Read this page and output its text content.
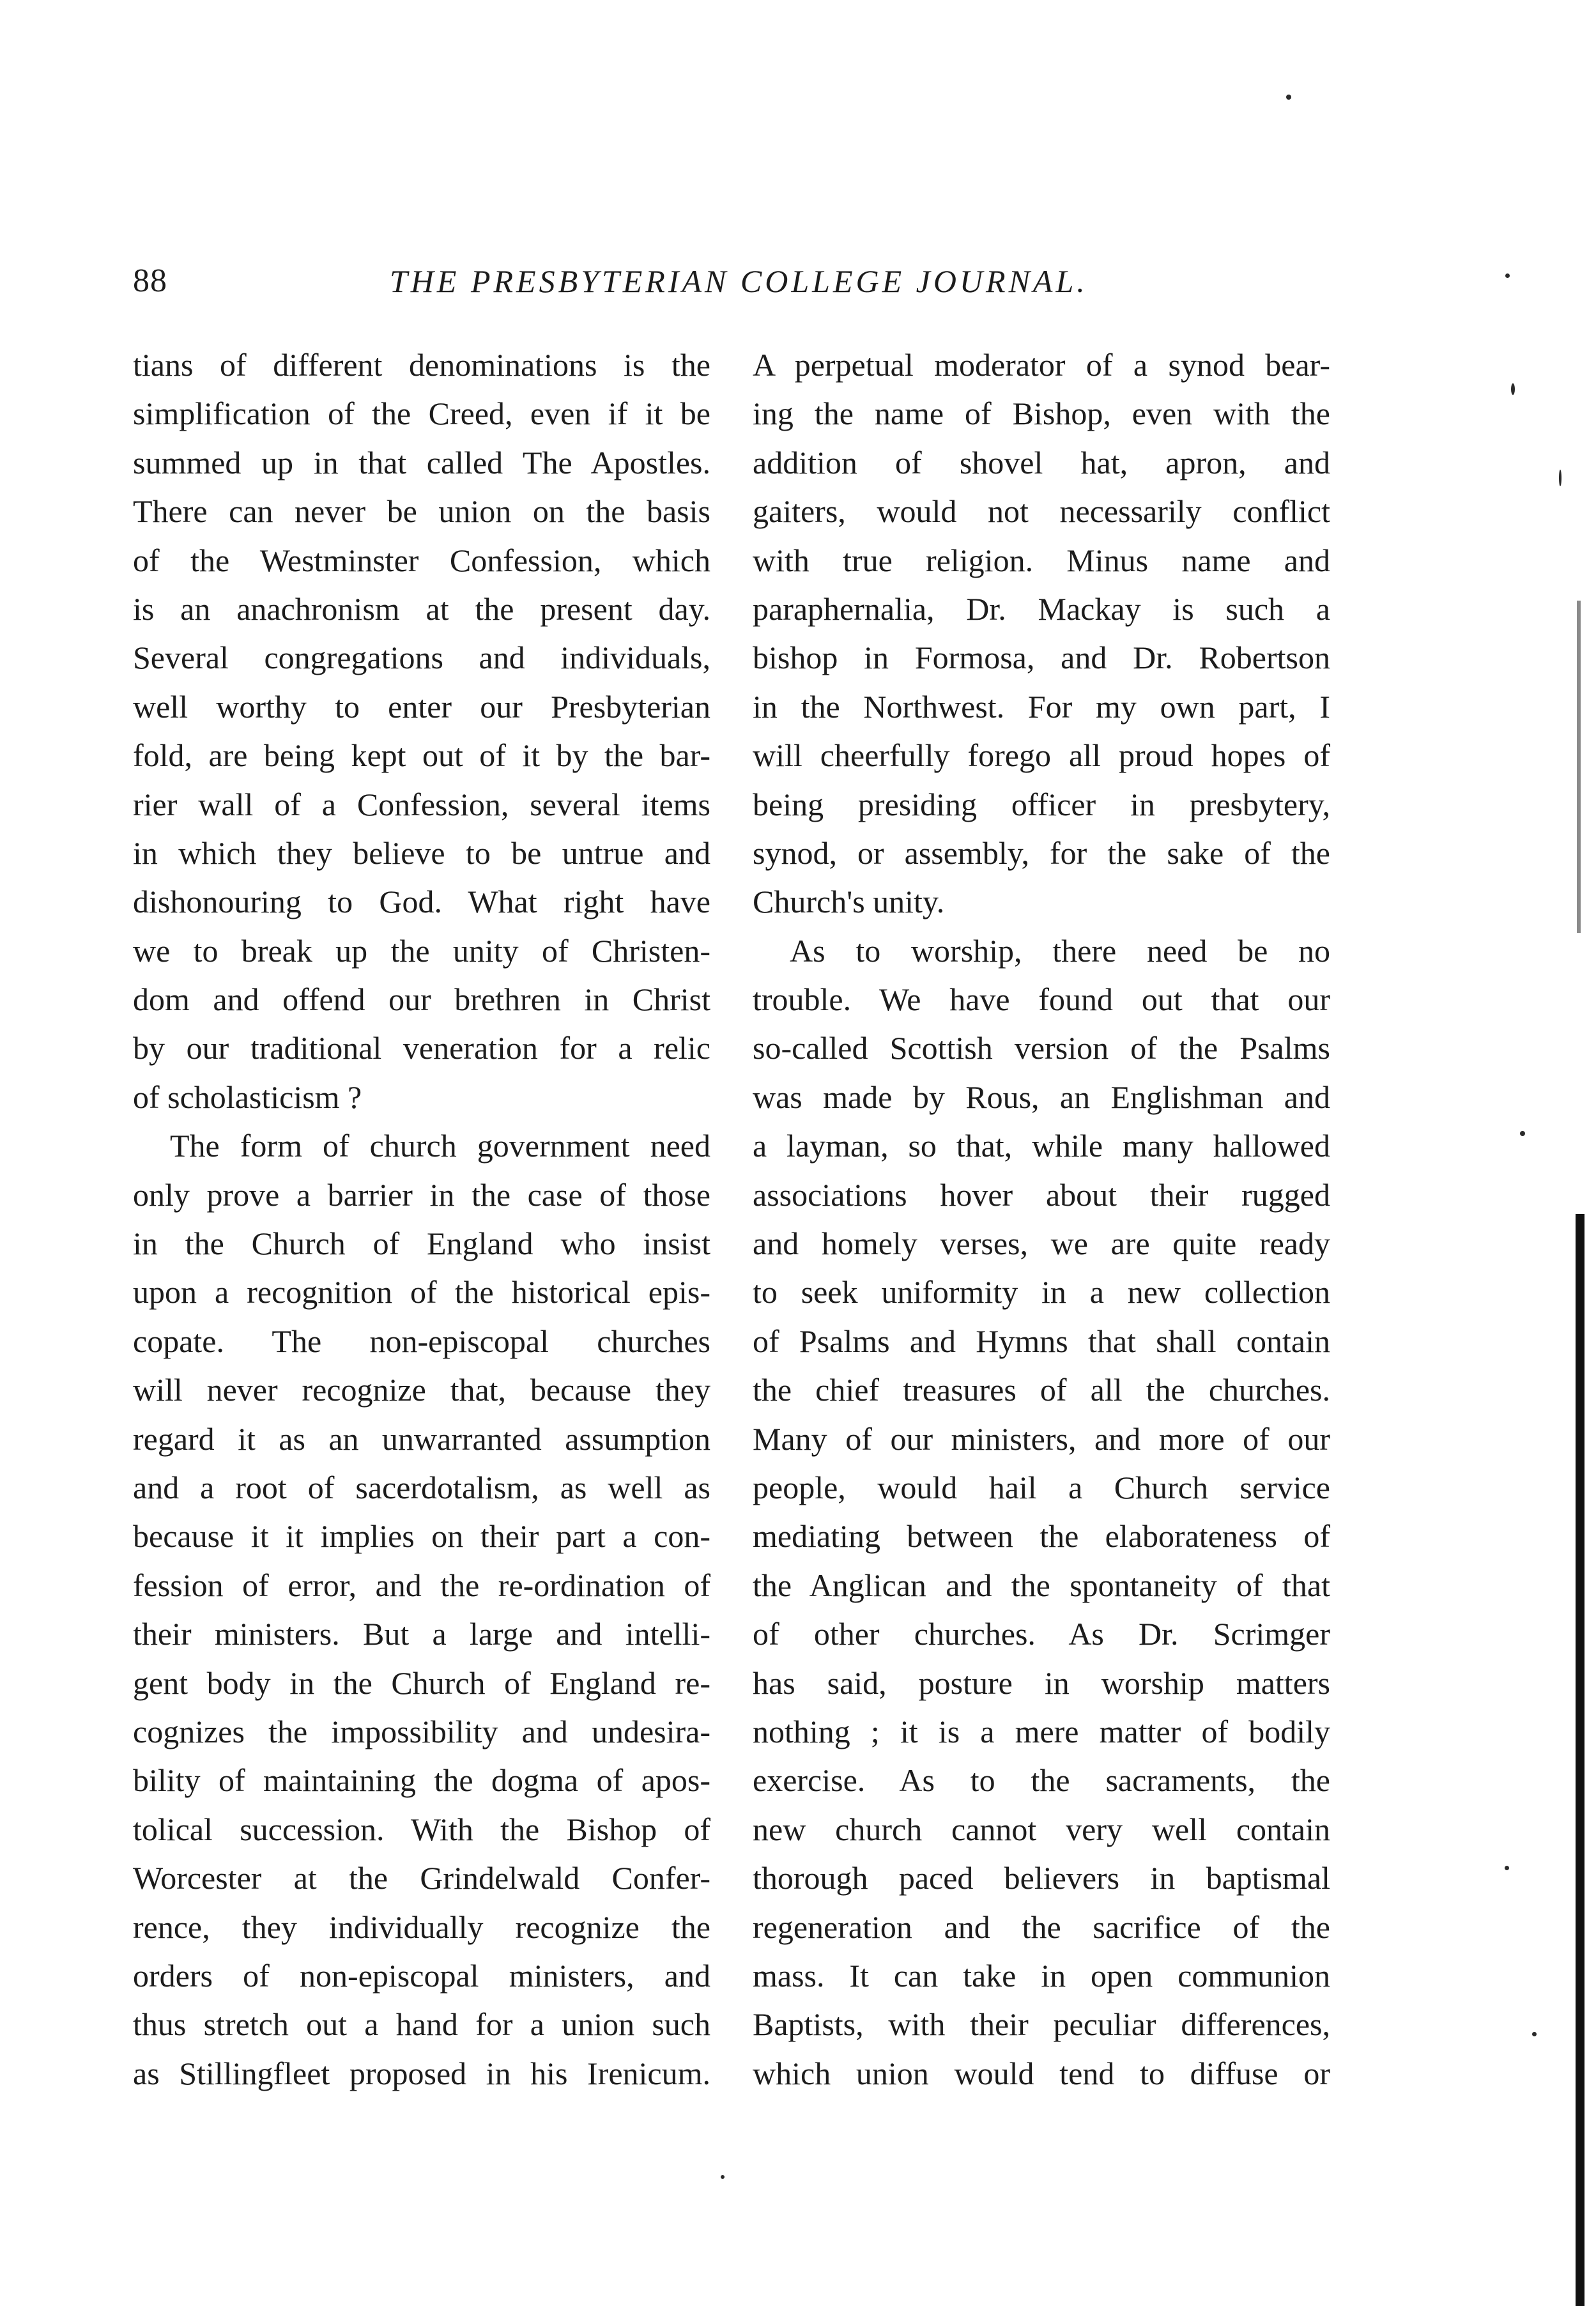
88	THE PRESBYTERIAN COLLEGE JOURNAL.
tians of different denominations is the
simplification of the Creed, even if it be
summed up in that called The Apostles.
There can never be union on the basis
of the Westminster Confession, which
is an anachronism at the present day.
Several congregations and individuals,
well worthy to enter our Presbyterian
fold, are being kept out of it by the bar-
rier wall of a Confession, several items
in which they believe to be untrue and
dishonouring to God. What right have
we to break up the unity of Christen-
dom and offend our brethren in Christ
by our traditional veneration for a relic
of scholasticism ?
The form of church government need
only prove a barrier in the case of those
in the Church of England who insist
upon a recognition of the historical epis-
copate. The non-episcopal churches
will never recognize that, because they
regard it as an unwarranted assumption
and a root of sacerdotalism, as well as
because it it implies on their part a con-
fession of error, and the re-ordination of
their ministers. But a large and intelli-
gent body in the Church of England re-
cognizes the impossibility and undesira-
bility of maintaining the dogma of apos-
tolical succession. With the Bishop of
Worcester at the Grindelwald Confer-
rence, they individually recognize the
orders of non-episcopal ministers, and
thus stretch out a hand for a union such
as Stillingfleet proposed in his Irenicum.
A perpetual moderator of a synod bear-
ing the name of Bishop, even with the
addition of shovel hat, apron, and
gaiters, would not necessarily conflict
with true religion. Minus name and
paraphernalia, Dr. Mackay is such a
bishop in Formosa, and Dr. Robertson
in the Northwest. For my own part, I
will cheerfully forego all proud hopes of
being presiding officer in presbytery,
synod, or assembly, for the sake of the
Church's unity.
As to worship, there need be no
trouble. We have found out that our
so-called Scottish version of the Psalms
was made by Rous, an Englishman and
a layman, so that, while many hallowed
associations hover about their rugged
and homely verses, we are quite ready
to seek uniformity in a new collection
of Psalms and Hymns that shall contain
the chief treasures of all the churches.
Many of our ministers, and more of our
people, would hail a Church service
mediating between the elaborateness of
the Anglican and the spontaneity of that
of other churches. As Dr. Scrimger
has said, posture in worship matters
nothing ; it is a mere matter of bodily
exercise. As to the sacraments, the
new church cannot very well contain
thorough paced believers in baptismal
regeneration and the sacrifice of the
mass. It can take in open communion
Baptists, with their peculiar differences,
which union would tend to diffuse or
